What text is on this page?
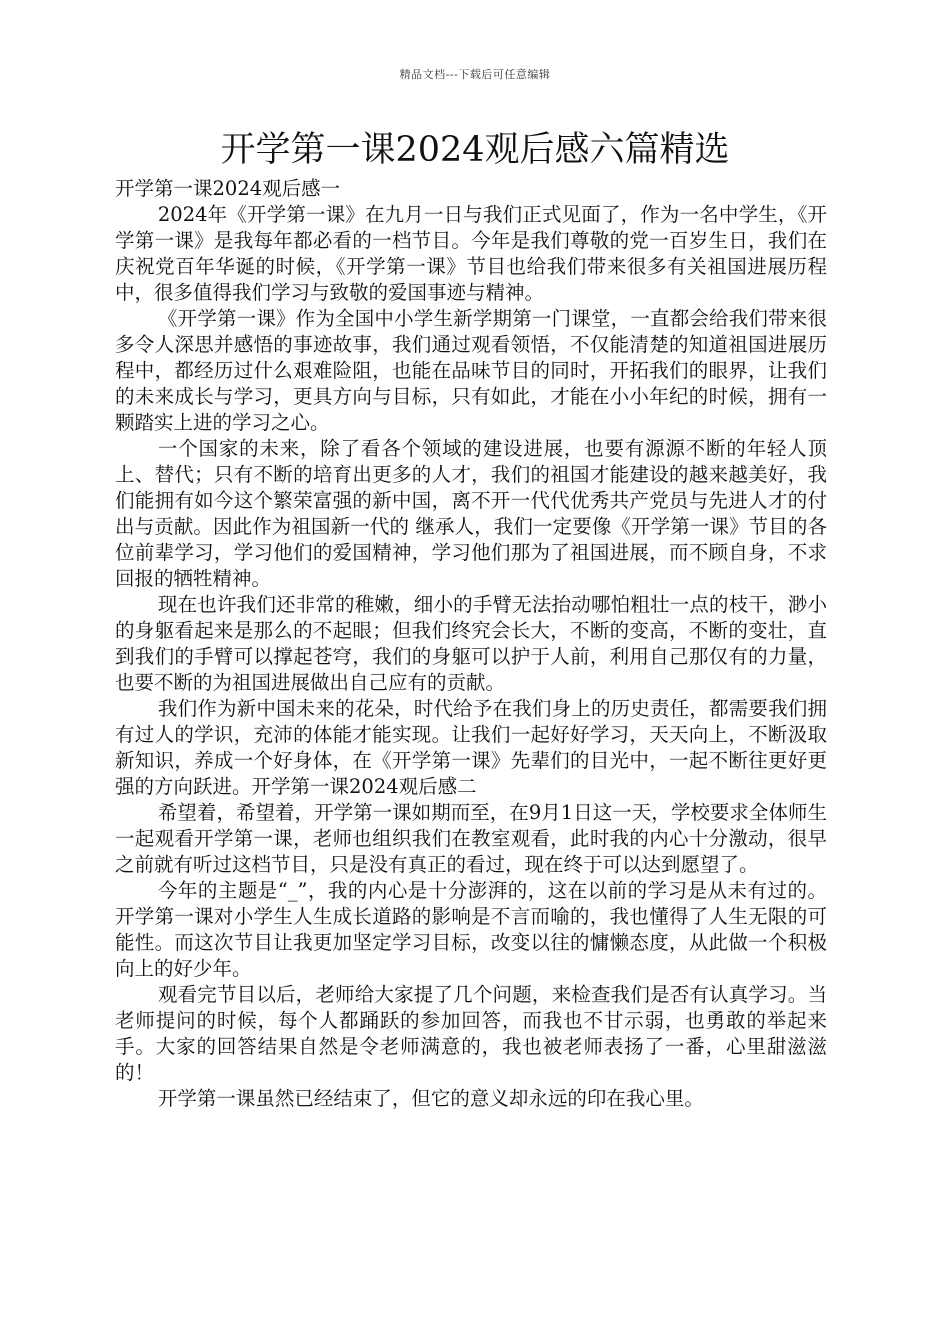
精品文档---下载后可任意编辑
开学第一课2024观后感六篇精选

开学第一课2024观后感一

2024年《开学第一课》在九月一日与我们正式见面了，作为一名中学生，《开学第一课》是我每年都必看的一档节目。今年是我们尊敬的党一百岁生日，我们在庆祝党百年华诞的时候，《开学第一课》节目也给我们带来很多有关祖国进展历程中，很多值得我们学习与致敬的爱国事迹与精神。

《开学第一课》作为全国中小学生新学期第一门课堂，一直都会给我们带来很多令人深思并感悟的事迹故事，我们通过观看领悟，不仅能清楚的知道祖国进展历程中，都经历过什么艰难险阻，也能在品味节目的同时，开拓我们的眼界，让我们的未来成长与学习，更具方向与目标，只有如此，才能在小小年纪的时候，拥有一颗踏实上进的学习之心。

一个国家的未来，除了看各个领域的建设进展，也要有源源不断的年轻人顶上、替代；只有不断的培育出更多的人才，我们的祖国才能建设的越来越美好，我们能拥有如今这个繁荣富强的新中国，离不开一代代优秀共产党员与先进人才的付出与贡献。因此作为祖国新一代的 继承人，我们一定要像《开学第一课》节目的各位前辈学习，学习他们的爱国精神，学习他们那为了祖国进展，而不顾自身，不求回报的牺牲精神。

现在也许我们还非常的稚嫩，细小的手臂无法抬动哪怕粗壮一点的枝干，渺小的身躯看起来是那么的不起眼；但我们终究会长大，不断的变高，不断的变壮，直到我们的手臂可以撑起苍穹，我们的身躯可以护于人前，利用自己那仅有的力量，也要不断的为祖国进展做出自己应有的贡献。

我们作为新中国未来的花朵，时代给予在我们身上的历史责任，都需要我们拥有过人的学识，充沛的体能才能实现。让我们一起好好学习，天天向上，不断汲取新知识，养成一个好身体，在《开学第一课》先辈们的目光中，一起不断往更好更强的方向跃进。开学第一课2024观后感二

希望着，希望着，开学第一课如期而至，在9月1日这一天，学校要求全体师生一起观看开学第一课，老师也组织我们在教室观看，此时我的内心十分激动，很早之前就有听过这档节目，只是没有真正的看过，现在终于可以达到愿望了。

今年的主题是“_”，我的内心是十分澎湃的，这在以前的学习是从未有过的。开学第一课对小学生人生成长道路的影响是不言而喻的，我也懂得了人生无限的可能性。而这次节目让我更加坚定学习目标，改变以往的慵懒态度，从此做一个积极向上的好少年。

观看完节目以后，老师给大家提了几个问题，来检查我们是否有认真学习。当老师提问的时候，每个人都踊跃的参加回答，而我也不甘示弱，也勇敢的举起来手。大家的回答结果自然是令老师满意的，我也被老师表扬了一番，心里甜滋滋的！

开学第一课虽然已经结束了，但它的意义却永远的印在我心里。
